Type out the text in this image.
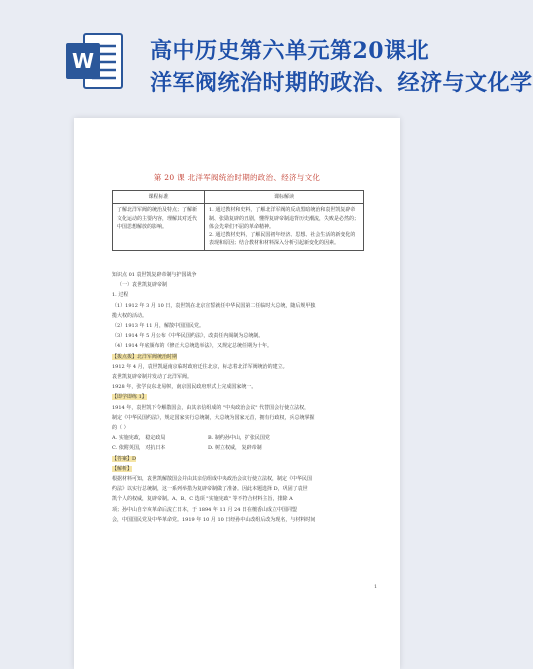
W	高中历史第六单元第20课北
洋军阀统治时期的政治、经济与文化学
第 20 课 北洋军阀统治时期的政治、经济与文化
课程标准	课标解读
了解北洋军阀的统治及特点；了解新文化运动的主要内容，理解其对近代中国思想解放的影响。	1. 通过教材和史料，了解北洋军阀的反动黑暗统治和袁世凯复辟帝制、张勋复辟的丑剧，懂得复辟帝制违背历史潮流，失败是必然的；体会先辈们不屈的革命精神。
2. 通过教材史料，了解民国初年经济、思想、社会生活的新变化的表现和原因；结合教材和材料深入分析引起新变化的因素。

知识点 01 袁世凯复辟帝制与护国战争

（一）袁世凯复辟帝制

1. 过程

（1）1912 年 3 月 10 日，袁世凯在北京宣誓就任中华民国第二任临时大总统，随后规甲独

揽大权的活动。

（2）1913 年 11 月，解散中国国民党。

（3）1914 年 5 月公布《中华民国约法》，改责任内阁制为总统制。

（4）1914 年底颁布的《修正大总统选举法》，又规定总统任期为十年。

【拨点拨】北洋军阀统治时期

1912 年 4 月，袁世凯逼南京临时政府迁往北京，标志着北洋军阀统治的建立。

袁世凯复辟帝制并发动了北洋军阀。

1928 年，张学良东北易帜，南京国民政府形式上完成国家统一。

【即学即练 1】

1914 年，袁世凯下令解散国会，由其亲信组成的 "中央政治会议" 代替国会行使立法权，

制定《中华民国约法》，规定国家实行总统制，大总统为国家元首，拥有行政权，兵总统掌握

的（ ）

A. 实施宪政， 稳定政局	B. 制约孙中山，扩张民国党

C. 依附英国， 对抗日本	D. 树立权威， 复辟帝制

【答案】D

【解析】

根据材料可知，袁世凯解散国会并由其亲信组成中央政治会议行使立法权，制定《中华民国

约法》以实行总统制，这一系列举措为复辟帝制做了准备。因此本题选择 D，巩固了袁世

凯个人的权威，复辟帝制。A、B、C 选项 "实施宪政" 等不符合材料主旨，排除 A

项；孙中山自辛亥革命后流亡日本，于 1894 年 11 月 24 日在檀香山成立中国同盟

会，中国国民党及中华革命党。1919 年 10 月 10 日经孙中山改组后改为现名，与材料时间

1
